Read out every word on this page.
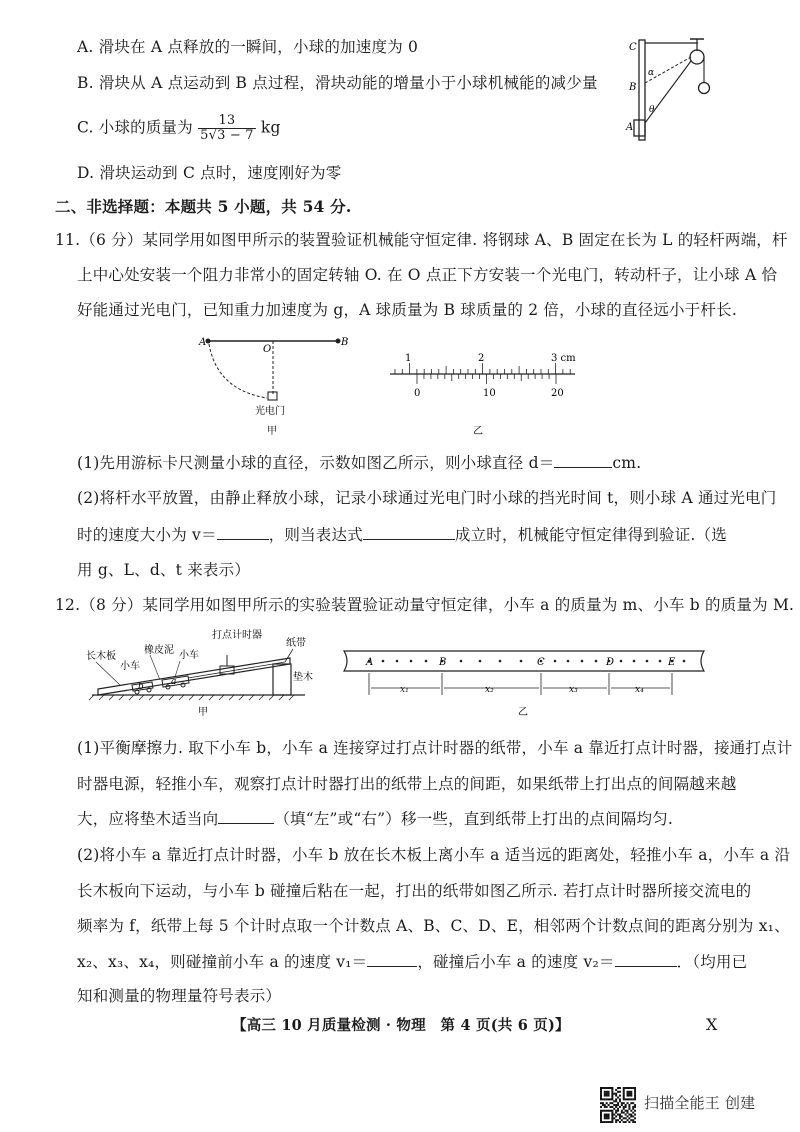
A. 滑块在 A 点释放的一瞬间，小球的加速度为 0
B. 滑块从 A 点运动到 B 点过程，滑块动能的增量小于小球机械能的减少量
C. 小球的质量为 $\frac{13}{5√3 - 7}$ kg
D. 滑块运动到 C 点时，速度刚好为零
C
B
A
α
θ
二、非选择题：本题共 5 小题，共 54 分.
11.（6 分）某同学用如图甲所示的装置验证机械能守恒定律. 将钢球 A、B 固定在长为 L 的轻杆两端，杆
上中心处安装一个阻力非常小的固定转轴 O. 在 O 点正下方安装一个光电门，转动杆子，让小球 A 恰
好能通过光电门，已知重力加速度为 g，A 球质量为 B 球质量的 2 倍，小球的直径远小于杆长.
A
O
B
光电门
甲
1	2	3 cm
0	10	20
乙
(1)先用游标卡尺测量小球的直径，示数如图乙所示，则小球直径 d＝	cm.
(2)将杆水平放置，由静止释放小球，记录小球通过光电门时小球的挡光时间 t，则小球 A 通过光电门
时的速度大小为 v＝	，则当表达式	成立时，机械能守恒定律得到验证.（选
用 g、L、d、t 来表示）
12.（8 分）某同学用如图甲所示的实验装置验证动量守恒定律，小车 a 的质量为 m、小车 b 的质量为 M.
长木板
小车
橡皮泥 小车
打点计时器
纸带
垫木
b	a
甲
A	B	C	D	E
x₁	x₂	x₃	x₄
乙
(1)平衡摩擦力. 取下小车 b，小车 a 连接穿过打点计时器的纸带，小车 a 靠近打点计时器，接通打点计
时器电源，轻推小车，观察打点计时器打出的纸带上点的间距，如果纸带上打出点的间隔越来越
大，应将垫木适当向	（填“左”或“右”）移一些，直到纸带上打出的点间隔均匀.
(2)将小车 a 靠近打点计时器，小车 b 放在长木板上离小车 a 适当远的距离处，轻推小车 a，小车 a 沿
长木板向下运动，与小车 b 碰撞后粘在一起，打出的纸带如图乙所示. 若打点计时器所接交流电的
频率为 f，纸带上每 5 个计时点取一个计数点 A、B、C、D、E，相邻两个计数点间的距离分别为 x₁、
x₂、x₃、x₄，则碰撞前小车 a 的速度 v₁＝	，碰撞后小车 a 的速度 v₂＝	．（均用已
知和测量的物理量符号表示）
【高三 10 月质量检测 · 物理　第 4 页(共 6 页)】	X
扫描全能王 创建
